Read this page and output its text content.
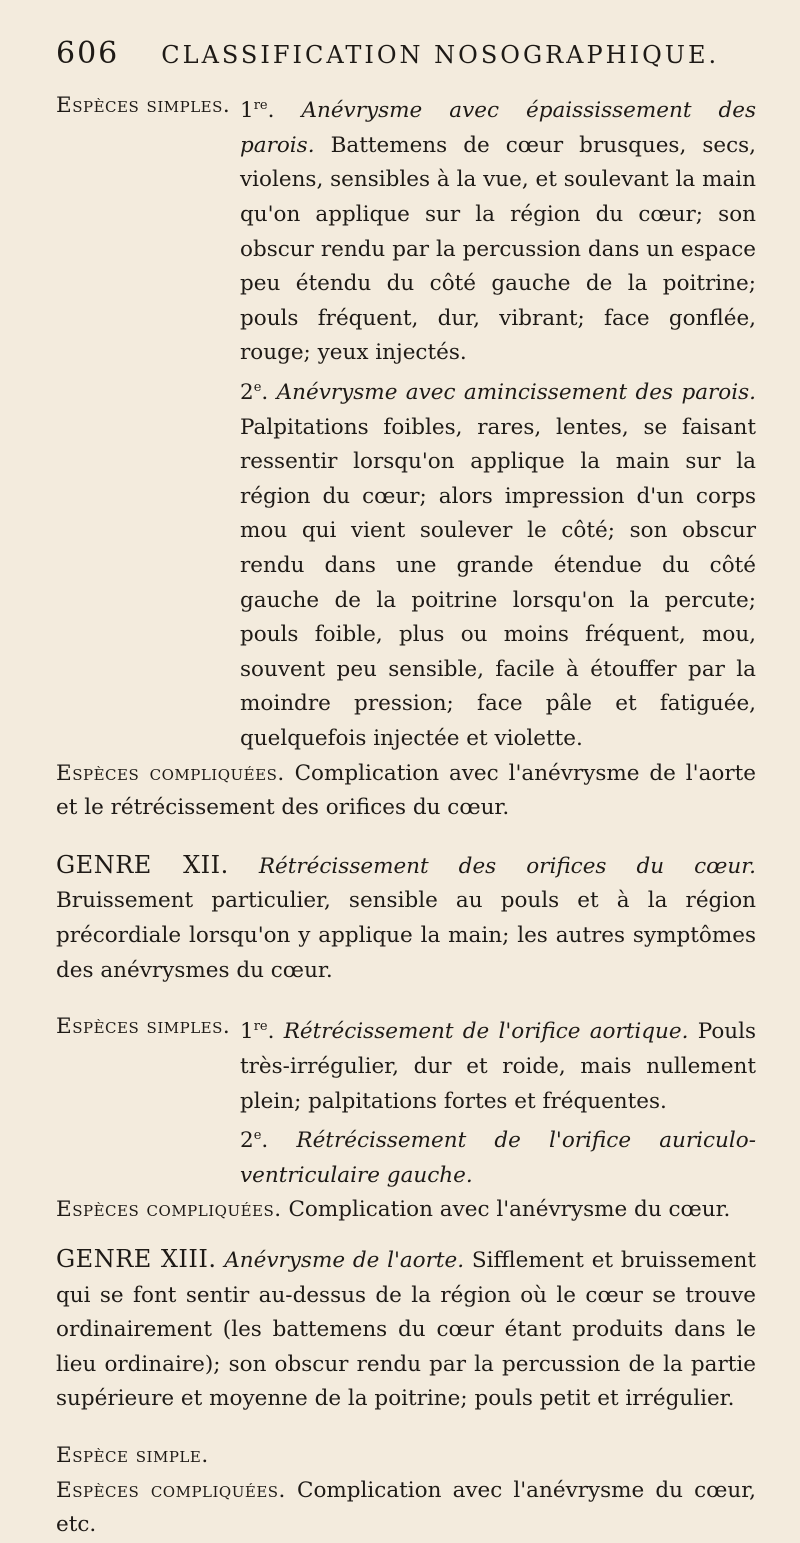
606 CLASSIFICATION NOSOGRAPHIQUE.
Espèces simples. 1re. Anévrysme avec épaississement des parois. Battemens de cœur brusques, secs, violens, sensibles à la vue, et soulevant la main qu'on applique sur la région du cœur; son obscur rendu par la percussion dans un espace peu étendu du côté gauche de la poitrine; pouls fréquent, dur, vibrant; face gonflée, rouge; yeux injectés.

2e. Anévrysme avec amincissement des parois. Palpitations foibles, rares, lentes, se faisant ressentir lorsqu'on applique la main sur la région du cœur; alors impression d'un corps mou qui vient soulever le côté; son obscur rendu dans une grande étendue du côté gauche de la poitrine lorsqu'on la percute; pouls foible, plus ou moins fréquent, mou, souvent peu sensible, facile à étouffer par la moindre pression; face pâle et fatiguée, quelquefois injectée et violette.

Espèces compliquées. Complication avec l'anévrysme de l'aorte et le rétrécissement des orifices du cœur.

GENRE XII. Rétrécissement des orifices du cœur. Bruissement particulier, sensible au pouls et à la région précordiale lorsqu'on y applique la main; les autres symptômes des anévrysmes du cœur.

Espèces simples. 1re. Rétrécissement de l'orifice aortique. Pouls très-irrégulier, dur et roide, mais nullement plein; palpitations fortes et fréquentes.

2e. Rétrécissement de l'orifice auriculo-ventriculaire gauche.

Espèces compliquées. Complication avec l'anévrysme du cœur.

GENRE XIII. Anévrysme de l'aorte. Sifflement et bruissement qui se font sentir au-dessus de la région où le cœur se trouve ordinairement (les battemens du cœur étant produits dans le lieu ordinaire); son obscur rendu par la percussion de la partie supérieure et moyenne de la poitrine; pouls petit et irrégulier.

Espèce simple.

Espèces compliquées. Complication avec l'anévrysme du cœur, etc.
